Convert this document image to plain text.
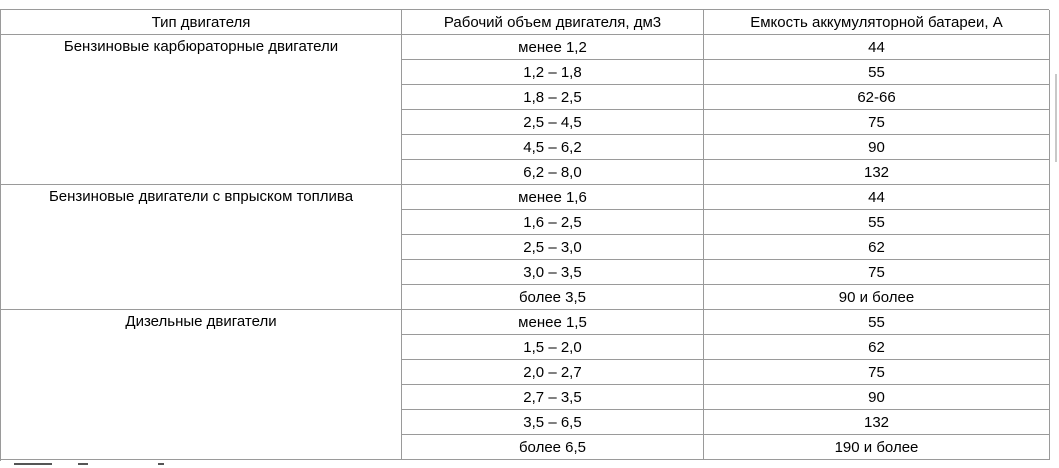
Тип двигателя	Рабочий объем двигателя, дм3	Емкость аккумуляторной батареи, А
Бензиновые карбюраторные двигатели	менее 1,2	44
1,2 – 1,8	55
1,8 – 2,5	62-66
2,5 – 4,5	75
4,5 – 6,2	90
6,2 – 8,0	132
Бензиновые двигатели с впрыском топлива	менее 1,6	44
1,6 – 2,5	55
2,5 – 3,0	62
3,0 – 3,5	75
более 3,5	90 и более
Дизельные двигатели	менее 1,5	55
1,5 – 2,0	62
2,0 – 2,7	75
2,7 – 3,5	90
3,5 – 6,5	132
более 6,5	190 и более
